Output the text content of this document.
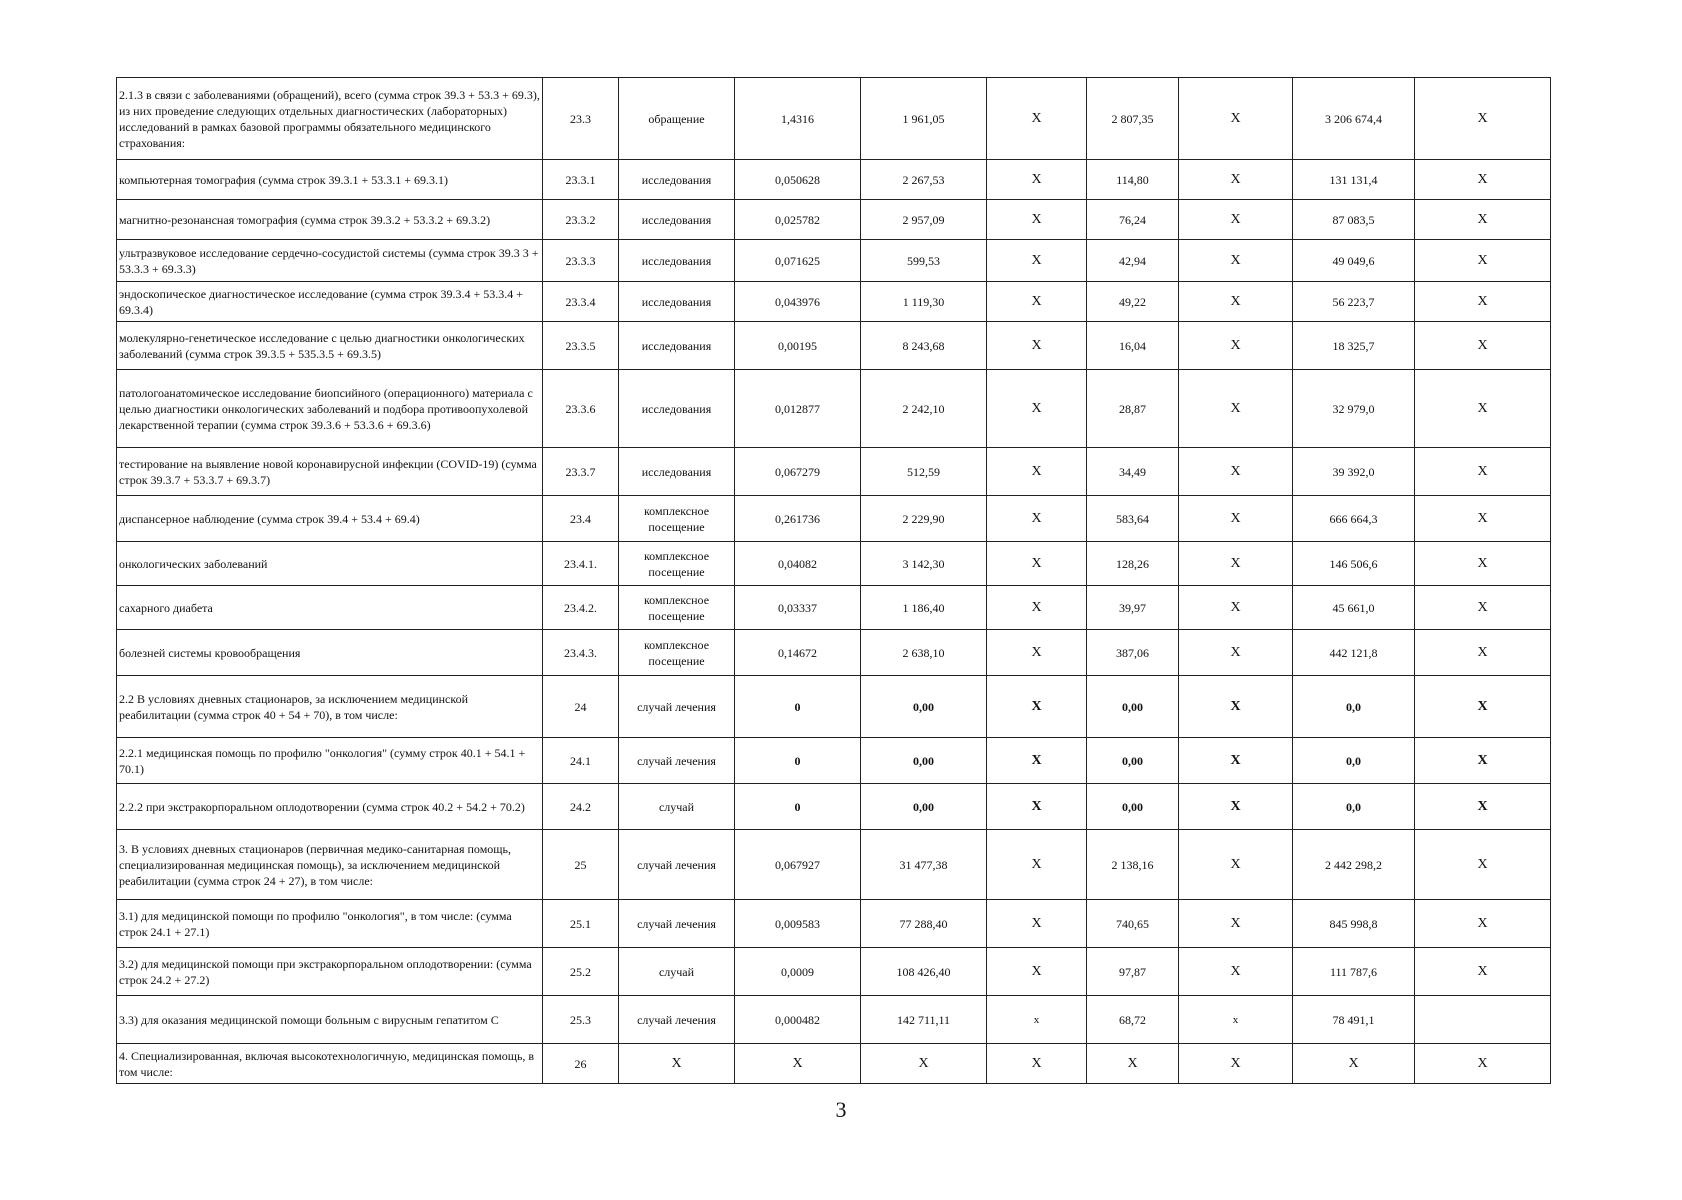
2.1.3 в связи с заболеваниями (обращений), всего (сумма строк 39.3 + 53.3 + 69.3), из них проведение следующих отдельных диагностических (лабораторных) исследований в рамках базовой программы обязательного медицинского страхования:	23.3	обращение	1,4316	1 961,05	X	2 807,35	X	3 206 674,4	X
компьютерная томография (сумма строк 39.3.1 + 53.3.1 + 69.3.1)	23.3.1	исследования	0,050628	2 267,53	X	114,80	X	131 131,4	X
магнитно-резонансная томография (сумма строк 39.3.2 + 53.3.2 + 69.3.2)	23.3.2	исследования	0,025782	2 957,09	X	76,24	X	87 083,5	X
ультразвуковое исследование сердечно-сосудистой системы (сумма строк 39.3 3 + 53.3.3 + 69.3.3)	23.3.3	исследования	0,071625	599,53	X	42,94	X	49 049,6	X
эндоскопическое диагностическое исследование (сумма строк 39.3.4 + 53.3.4 + 69.3.4)	23.3.4	исследования	0,043976	1 119,30	X	49,22	X	56 223,7	X
молекулярно-генетическое исследование с целью диагностики онкологических заболеваний (сумма строк 39.3.5 + 535.3.5 + 69.3.5)	23.3.5	исследования	0,00195	8 243,68	X	16,04	X	18 325,7	X
патологоанатомическое исследование биопсийного (операционного) материала с целью диагностики онкологических заболеваний и подбора противоопухолевой лекарственной терапии (сумма строк 39.3.6 + 53.3.6 + 69.3.6)	23.3.6	исследования	0,012877	2 242,10	X	28,87	X	32 979,0	X
тестирование на выявление новой коронавирусной инфекции (COVID-19) (сумма строк 39.3.7 + 53.3.7 + 69.3.7)	23.3.7	исследования	0,067279	512,59	X	34,49	X	39 392,0	X
диспансерное наблюдение (сумма строк 39.4 + 53.4 + 69.4)	23.4	комплексное посещение	0,261736	2 229,90	X	583,64	X	666 664,3	X
онкологических заболеваний	23.4.1.	комплексное посещение	0,04082	3 142,30	X	128,26	X	146 506,6	X
сахарного диабета	23.4.2.	комплексное посещение	0,03337	1 186,40	X	39,97	X	45 661,0	X
болезней системы кровообращения	23.4.3.	комплексное посещение	0,14672	2 638,10	X	387,06	X	442 121,8	X
2.2 В условиях дневных стационаров, за исключением медицинской реабилитации (сумма строк 40 + 54 + 70), в том числе:	24	случай лечения	0	0,00	X	0,00	X	0,0	X
2.2.1 медицинская помощь по профилю "онкология" (сумму строк 40.1 + 54.1 + 70.1)	24.1	случай лечения	0	0,00	X	0,00	X	0,0	X
2.2.2 при экстракорпоральном оплодотворении (сумма строк 40.2 + 54.2 + 70.2)	24.2	случай	0	0,00	X	0,00	X	0,0	X
3. В условиях дневных стационаров (первичная медико-санитарная помощь, специализированная медицинская помощь), за исключением медицинской реабилитации (сумма строк 24 + 27), в том числе:	25	случай лечения	0,067927	31 477,38	X	2 138,16	X	2 442 298,2	X
3.1) для медицинской помощи по профилю "онкология", в том числе: (сумма строк 24.1 + 27.1)	25.1	случай лечения	0,009583	77 288,40	X	740,65	X	845 998,8	X
3.2) для медицинской помощи при экстракорпоральном оплодотворении: (сумма строк 24.2 + 27.2)	25.2	случай	0,0009	108 426,40	X	97,87	X	111 787,6	X
3.3) для оказания медицинской помощи больным с вирусным гепатитом С	25.3	случай лечения	0,000482	142 711,11	x	68,72	x	78 491,1	
4. Специализированная, включая высокотехнологичную, медицинская помощь, в том числе:	26	X	X	X	X	X	X	X	X
3
